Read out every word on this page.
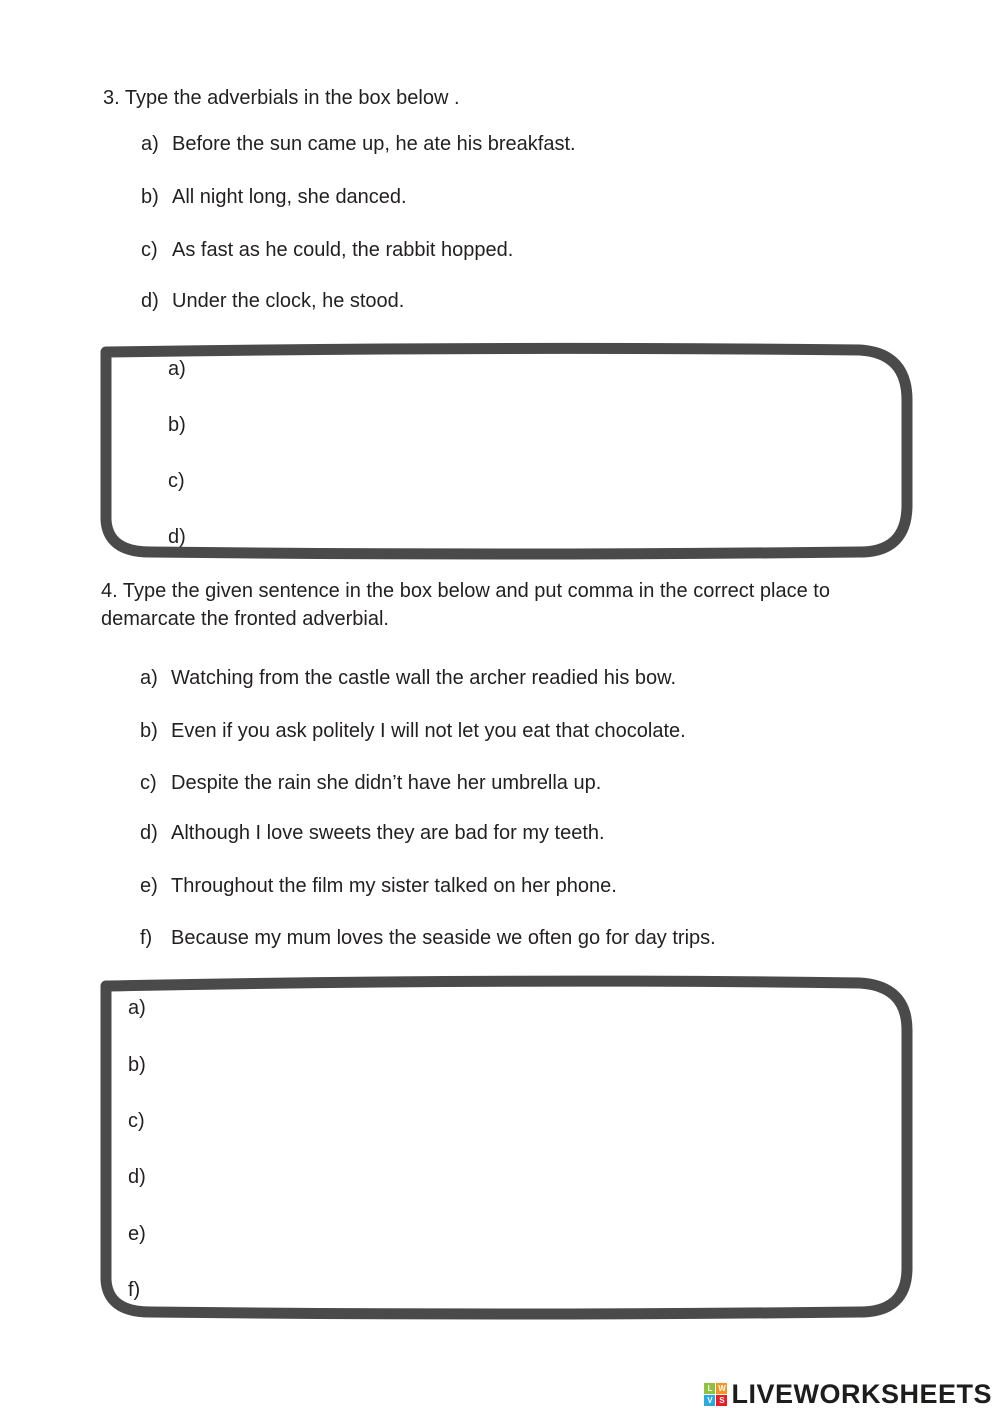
3. Type the adverbials in the box below .
a) Before the sun came up, he ate his breakfast.
b) All night long, she danced.
c) As fast as he could, the rabbit hopped.
d) Under the clock, he stood.
a)
b)
c)
d)
4. Type the given sentence in the box below and put comma in the correct place to
demarcate the fronted adverbial.
a) Watching from the castle wall the archer readied his bow.
b) Even if you ask politely I will not let you eat that chocolate.
c) Despite the rain she didn’t have her umbrella up.
d) Although I love sweets they are bad for my teeth.
e) Throughout the film my sister talked on her phone.
f) Because my mum loves the seaside we often go for day trips.
a)
b)
c)
d)
e)
f)
L W
V S LIVEWORKSHEETS
